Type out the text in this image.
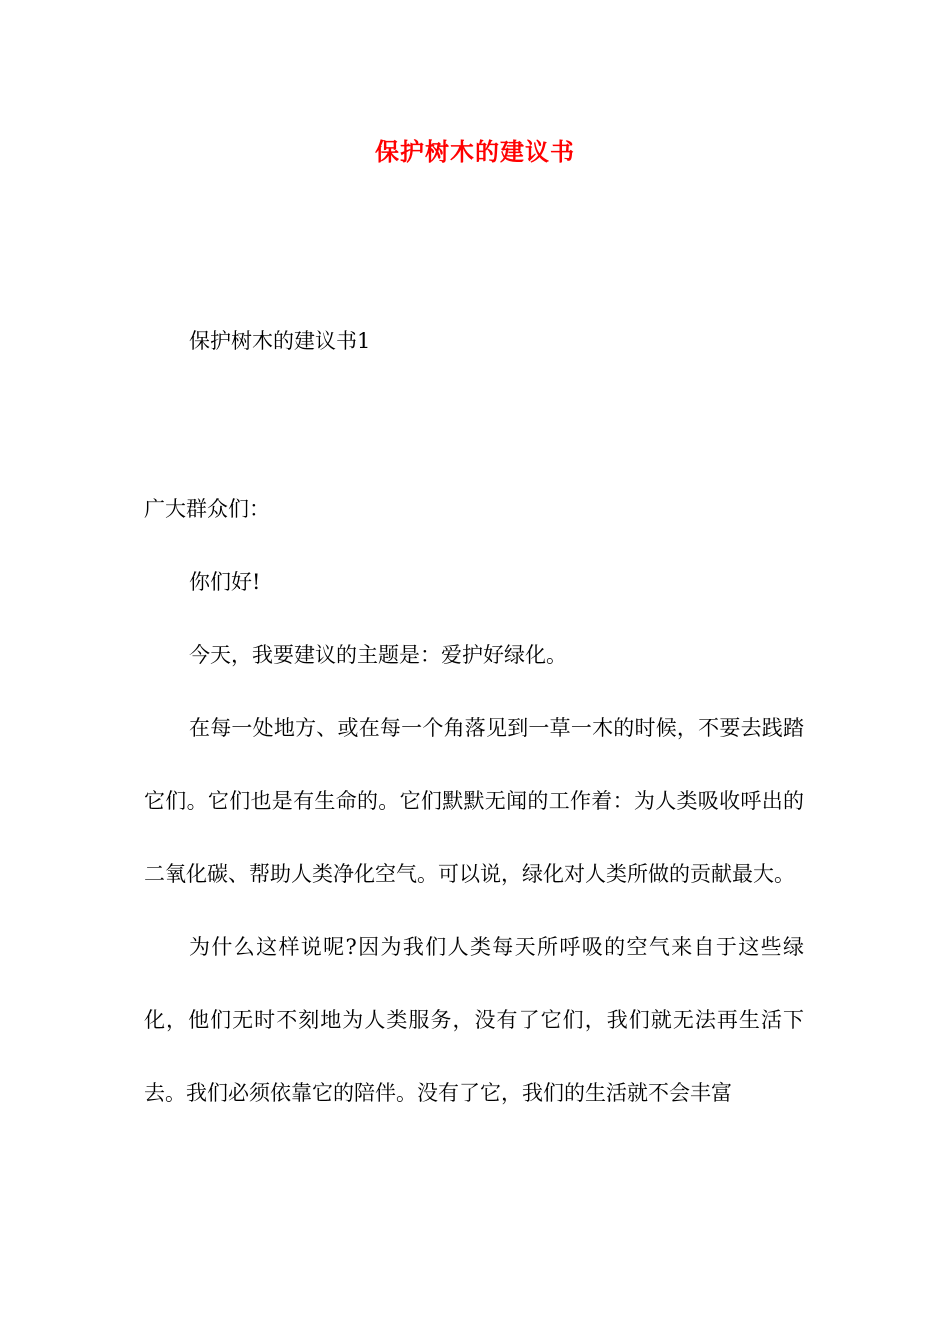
保护树木的建议书
保护树木的建议书1

广大群众们：

你们好!

今天，我要建议的主题是：爱护好绿化。

在每一处地方、或在每一个角落见到一草一木的时候，不要去践踏它们。它们也是有生命的。它们默默无闻的工作着：为人类吸收呼出的二氧化碳、帮助人类净化空气。可以说，绿化对人类所做的贡献最大。

为什么这样说呢?因为我们人类每天所呼吸的空气来自于这些绿化，他们无时不刻地为人类服务，没有了它们，我们就无法再生活下去。我们必须依靠它的陪伴。没有了它，我们的生活就不会丰富
